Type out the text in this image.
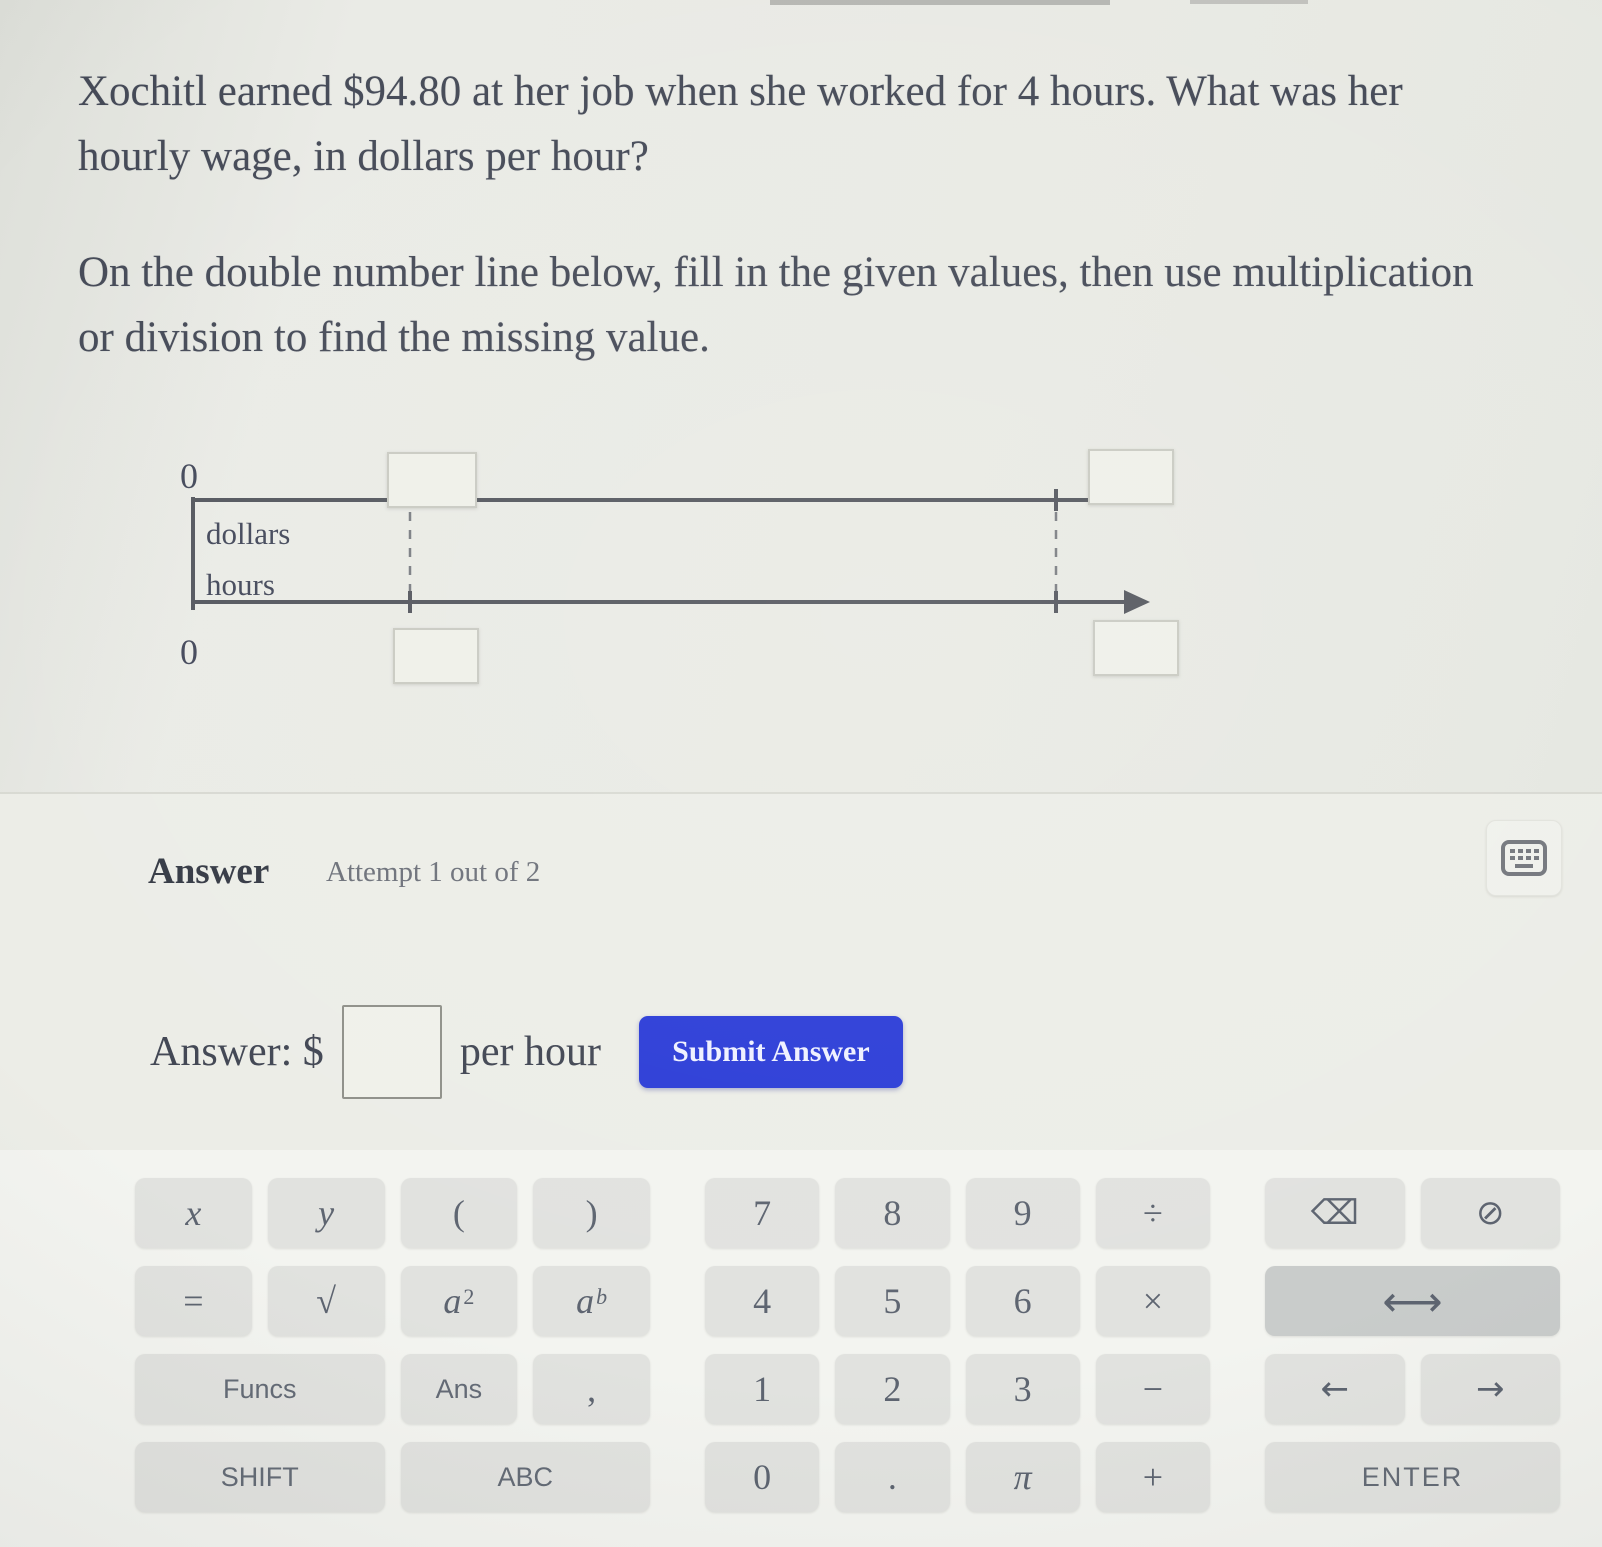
Xochitl earned $94.80 at her job when she worked for 4 hours. What was her hourly wage, in dollars per hour?

On the double number line below, fill in the given values, then use multiplication or division to find the missing value.

0
dollars
hours
0
Answer Attempt 1 out of 2
Answer: $	per hour	Submit Answer
x	y	(	)
=	√	a 2	a b
Funcs	Ans	,
SHIFT	ABC
7	8	9	÷
4	5	6	×
1	2	3	−
0	.	π	+
⌫	⊘
⟷
←	→
ENTER
